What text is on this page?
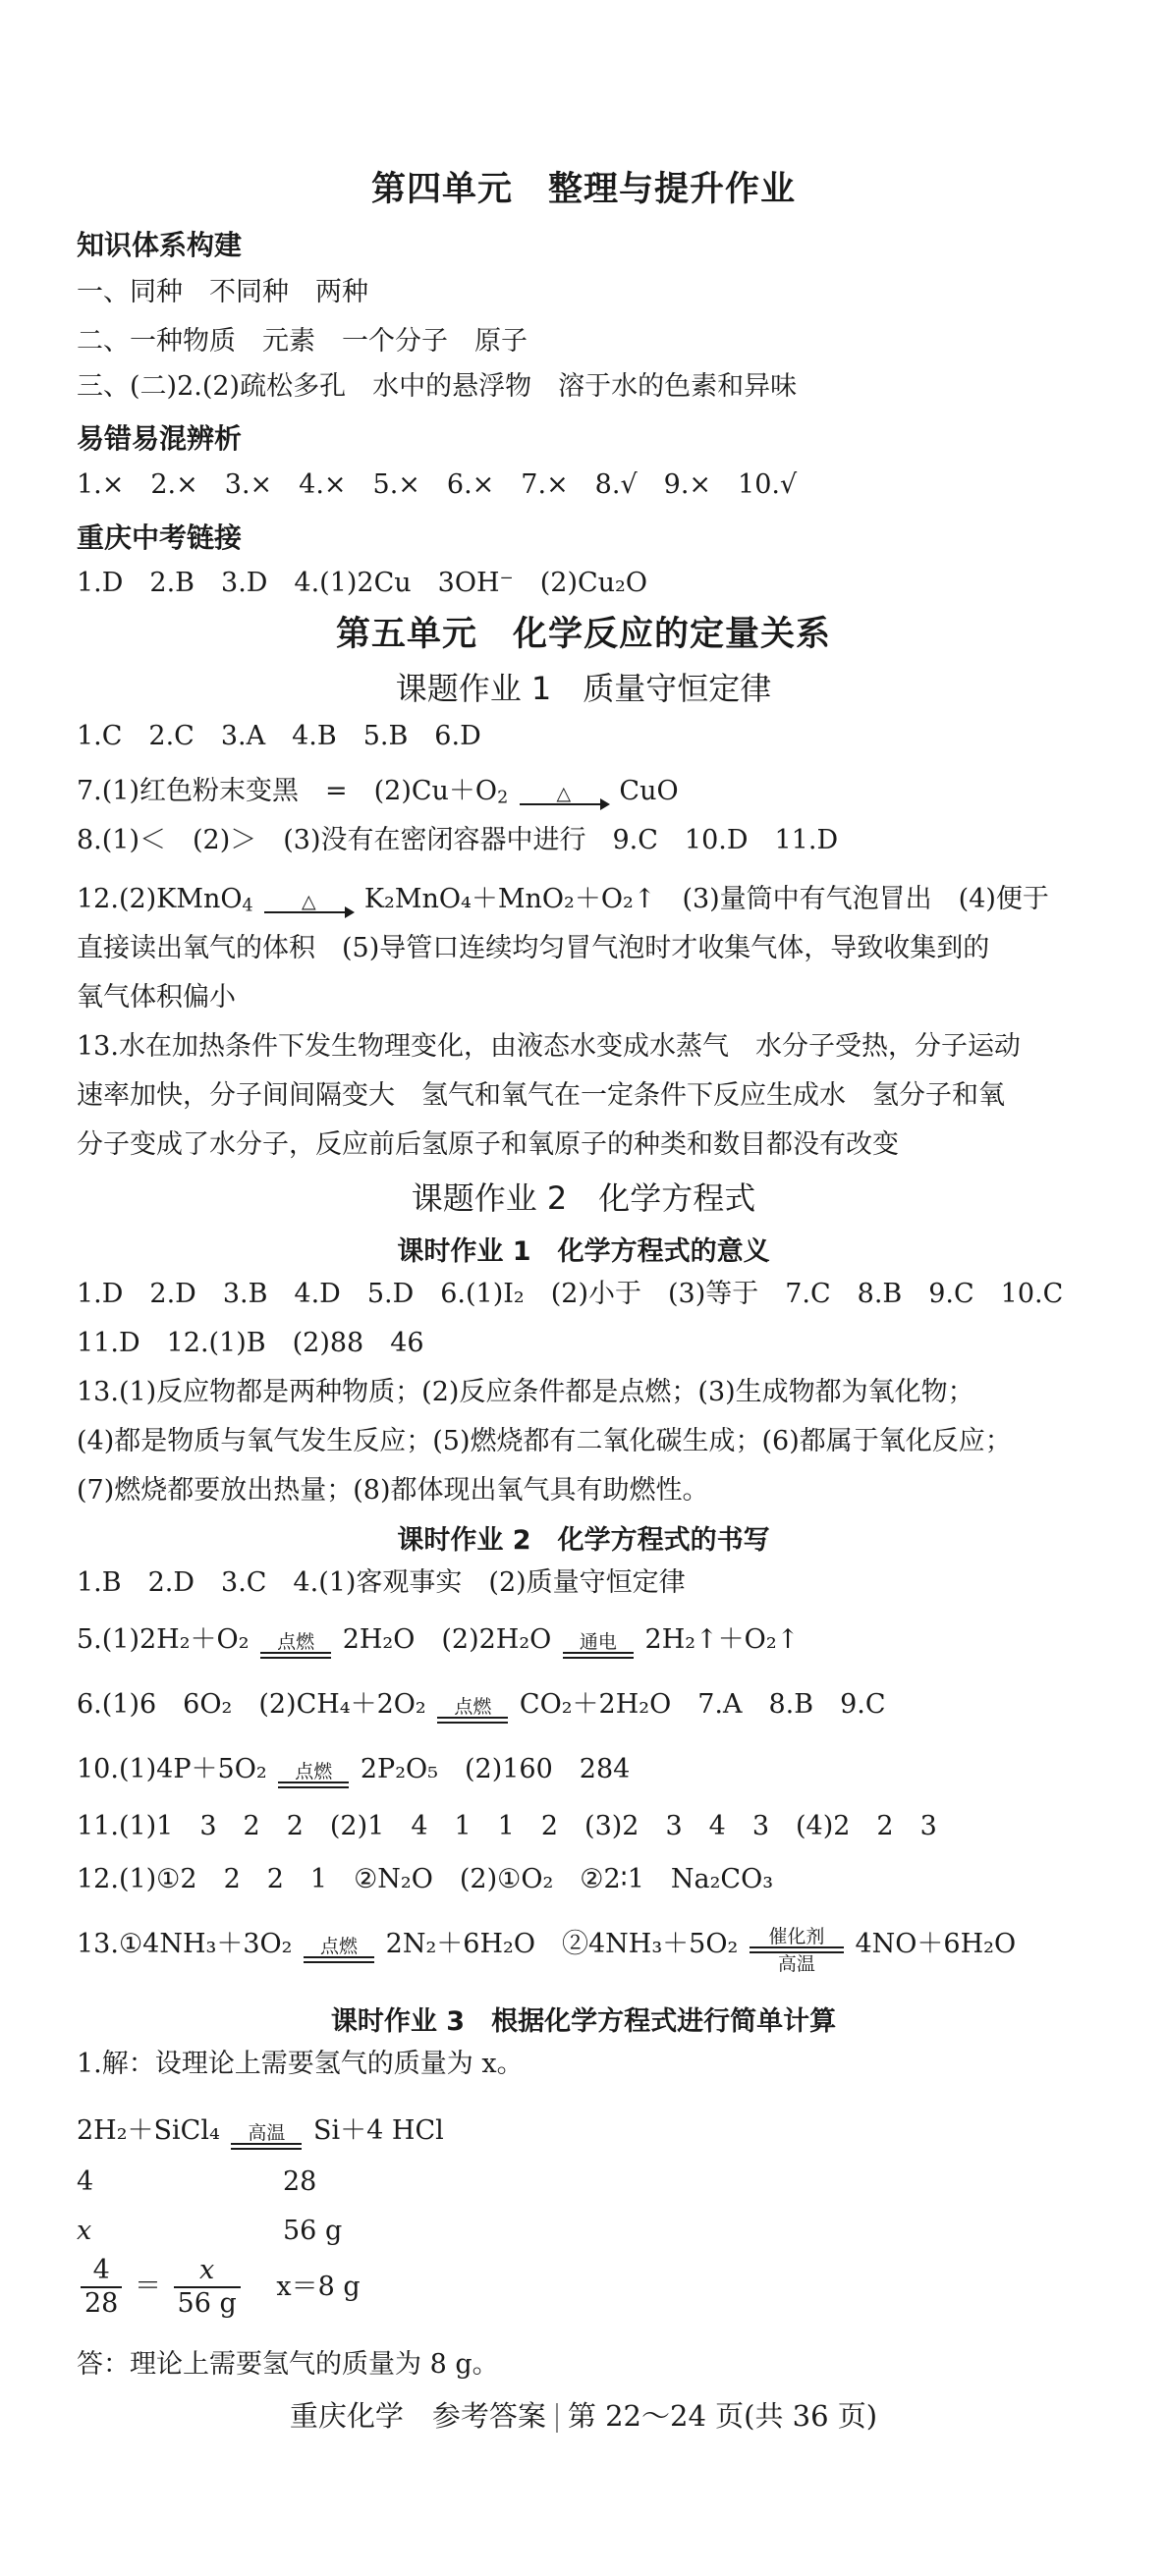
第四单元　整理与提升作业
知识体系构建
一、同种　不同种　两种
二、一种物质　元素　一个分子　原子
三、(二)2.(2)疏松多孔　水中的悬浮物　溶于水的色素和异味
易错易混辨析
1.×　2.×　3.×　4.×　5.×　6.×　7.×　8.√　9.×　10.√
重庆中考链接
1.D　2.B　3.D　4.(1)2Cu　3OH⁻　(2)Cu₂O
第五单元　化学反应的定量关系
课题作业 1　质量守恒定律
1.C　2.C　3.A　4.B　5.B　6.D
7.(1)红色粉末变黑　=　$(2)Cu+O_2$	△	CuO
8.(1)＜　(2)＞　(3)没有在密闭容器中进行　9.C　10.D　11.D
12.(2)KMnO$_4$	△	K₂MnO₄＋MnO₂＋O₂↑　(3)量筒中有气泡冒出　(4)便于
直接读出氧气的体积　(5)导管口连续均匀冒气泡时才收集气体，导致收集到的
氧气体积偏小
13.水在加热条件下发生物理变化，由液态水变成水蒸气　水分子受热，分子运动
速率加快，分子间间隔变大　氢气和氧气在一定条件下反应生成水　氢分子和氧
分子变成了水分子，反应前后氢原子和氧原子的种类和数目都没有改变
课题作业 2　化学方程式
课时作业 1　化学方程式的意义
1.D　2.D　3.B　4.D　5.D　6.(1)I₂　(2)小于　(3)等于　7.C　8.B　9.C　10.C
11.D　12.(1)B　(2)88　46
13.(1)反应物都是两种物质；(2)反应条件都是点燃；(3)生成物都为氧化物；
(4)都是物质与氧气发生反应；(5)燃烧都有二氧化碳生成；(6)都属于氧化反应；
(7)燃烧都要放出热量；(8)都体现出氧气具有助燃性。
课时作业 2　化学方程式的书写
1.B　2.D　3.C　4.(1)客观事实　(2)质量守恒定律
5.(1)2H₂＋O₂	点燃	2H₂O　(2)2H₂O	通电	2H₂↑＋O₂↑
6.(1)6　6O₂　(2)CH₄＋2O₂	点燃	CO₂＋2H₂O　7.A　8.B　9.C
10.(1)4P＋5O₂	点燃	2P₂O₅　(2)160　284
11.(1)1　3　2　2　(2)1　4　1　1　2　(3)2　3　4　3　(4)2　2　3
12.(1)①2　2　2　1　②N₂O　(2)①O₂　②2∶1　Na₂CO₃
13.①4NH₃＋3O₂	点燃	2N₂＋6H₂O　②4NH₃＋5O₂	催化剂
高温
4NO＋6H₂O
课时作业 3　根据化学方程式进行简单计算
1.解：设理论上需要氢气的质量为 x。
2H₂＋SiCl₄	高温	Si＋4 HCl
4	28
x	56 g
$\frac{4}{28} = \frac{x}{56 g} x=8$ g
答：理论上需要氢气的质量为 8 g。
重庆化学　参考答案 第 22～24 页(共 36 页)
